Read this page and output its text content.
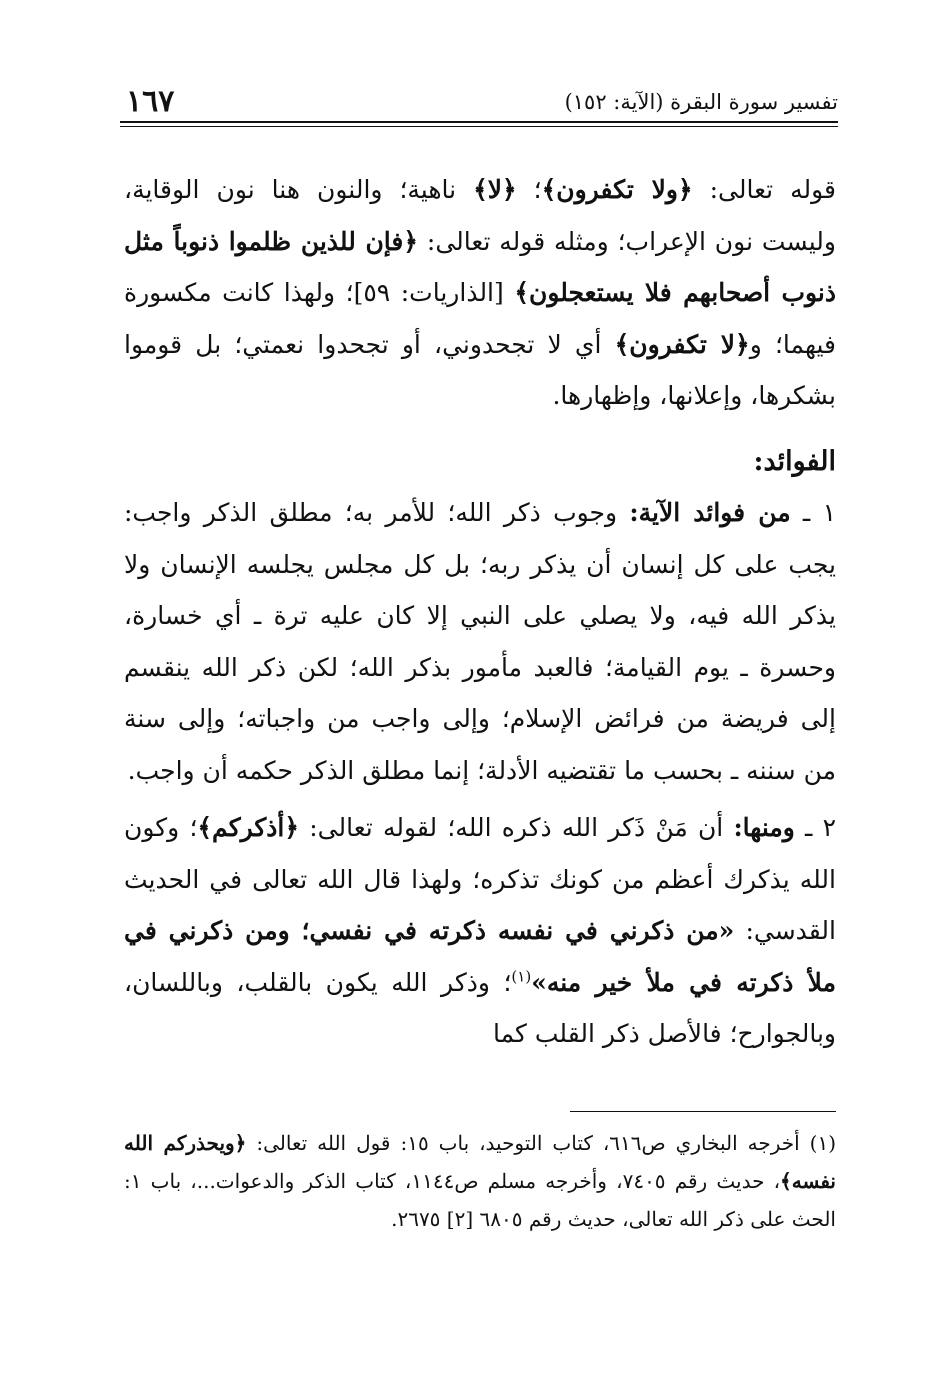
تفسير سورة البقرة (الآية: ١٥٢)
١٦٧

قوله تعالى: ﴿ولا تكفرون﴾؛ ﴿لا﴾ ناهية؛ والنون هنا نون الوقاية، وليست نون الإعراب؛ ومثله قوله تعالى: ﴿فإن للذين ظلموا ذنوباً مثل ذنوب أصحابهم فلا يستعجلون﴾ [الذاريات: ٥٩]؛ ولهذا كانت مكسورة فيهما؛ و﴿لا تكفرون﴾ أي لا تجحدوني، أو تجحدوا نعمتي؛ بل قوموا بشكرها، وإعلانها، وإظهارها.

الفوائد:

١ ـ من فوائد الآية: وجوب ذكر الله؛ للأمر به؛ مطلق الذكر واجب: يجب على كل إنسان أن يذكر ربه؛ بل كل مجلس يجلسه الإنسان ولا يذكر الله فيه، ولا يصلي على النبي إلا كان عليه ترة ـ أي خسارة، وحسرة ـ يوم القيامة؛ فالعبد مأمور بذكر الله؛ لكن ذكر الله ينقسم إلى فريضة من فرائض الإسلام؛ وإلى واجب من واجباته؛ وإلى سنة من سننه ـ بحسب ما تقتضيه الأدلة؛ إنما مطلق الذكر حكمه أن واجب.

٢ ـ ومنها: أن مَنْ ذَكر الله ذكره الله؛ لقوله تعالى: ﴿أذكركم﴾؛ وكون الله يذكرك أعظم من كونك تذكره؛ ولهذا قال الله تعالى في الحديث القدسي: «من ذكرني في نفسه ذكرته في نفسي؛ ومن ذكرني في ملأ ذكرته في ملأ خير منه»$^{(١)}$؛ وذكر الله يكون بالقلب، وباللسان، وبالجوارح؛ فالأصل ذكر القلب كما

(١) أخرجه البخاري ص٦١٦، كتاب التوحيد، باب ١٥: قول الله تعالى: ﴿ويحذركم الله نفسه﴾، حديث رقم ٧٤٠٥، وأخرجه مسلم ص١١٤٤، كتاب الذكر والدعوات...، باب ١: الحث على ذكر الله تعالى، حديث رقم ٦٨٠٥ [٢] ٢٦٧٥.
